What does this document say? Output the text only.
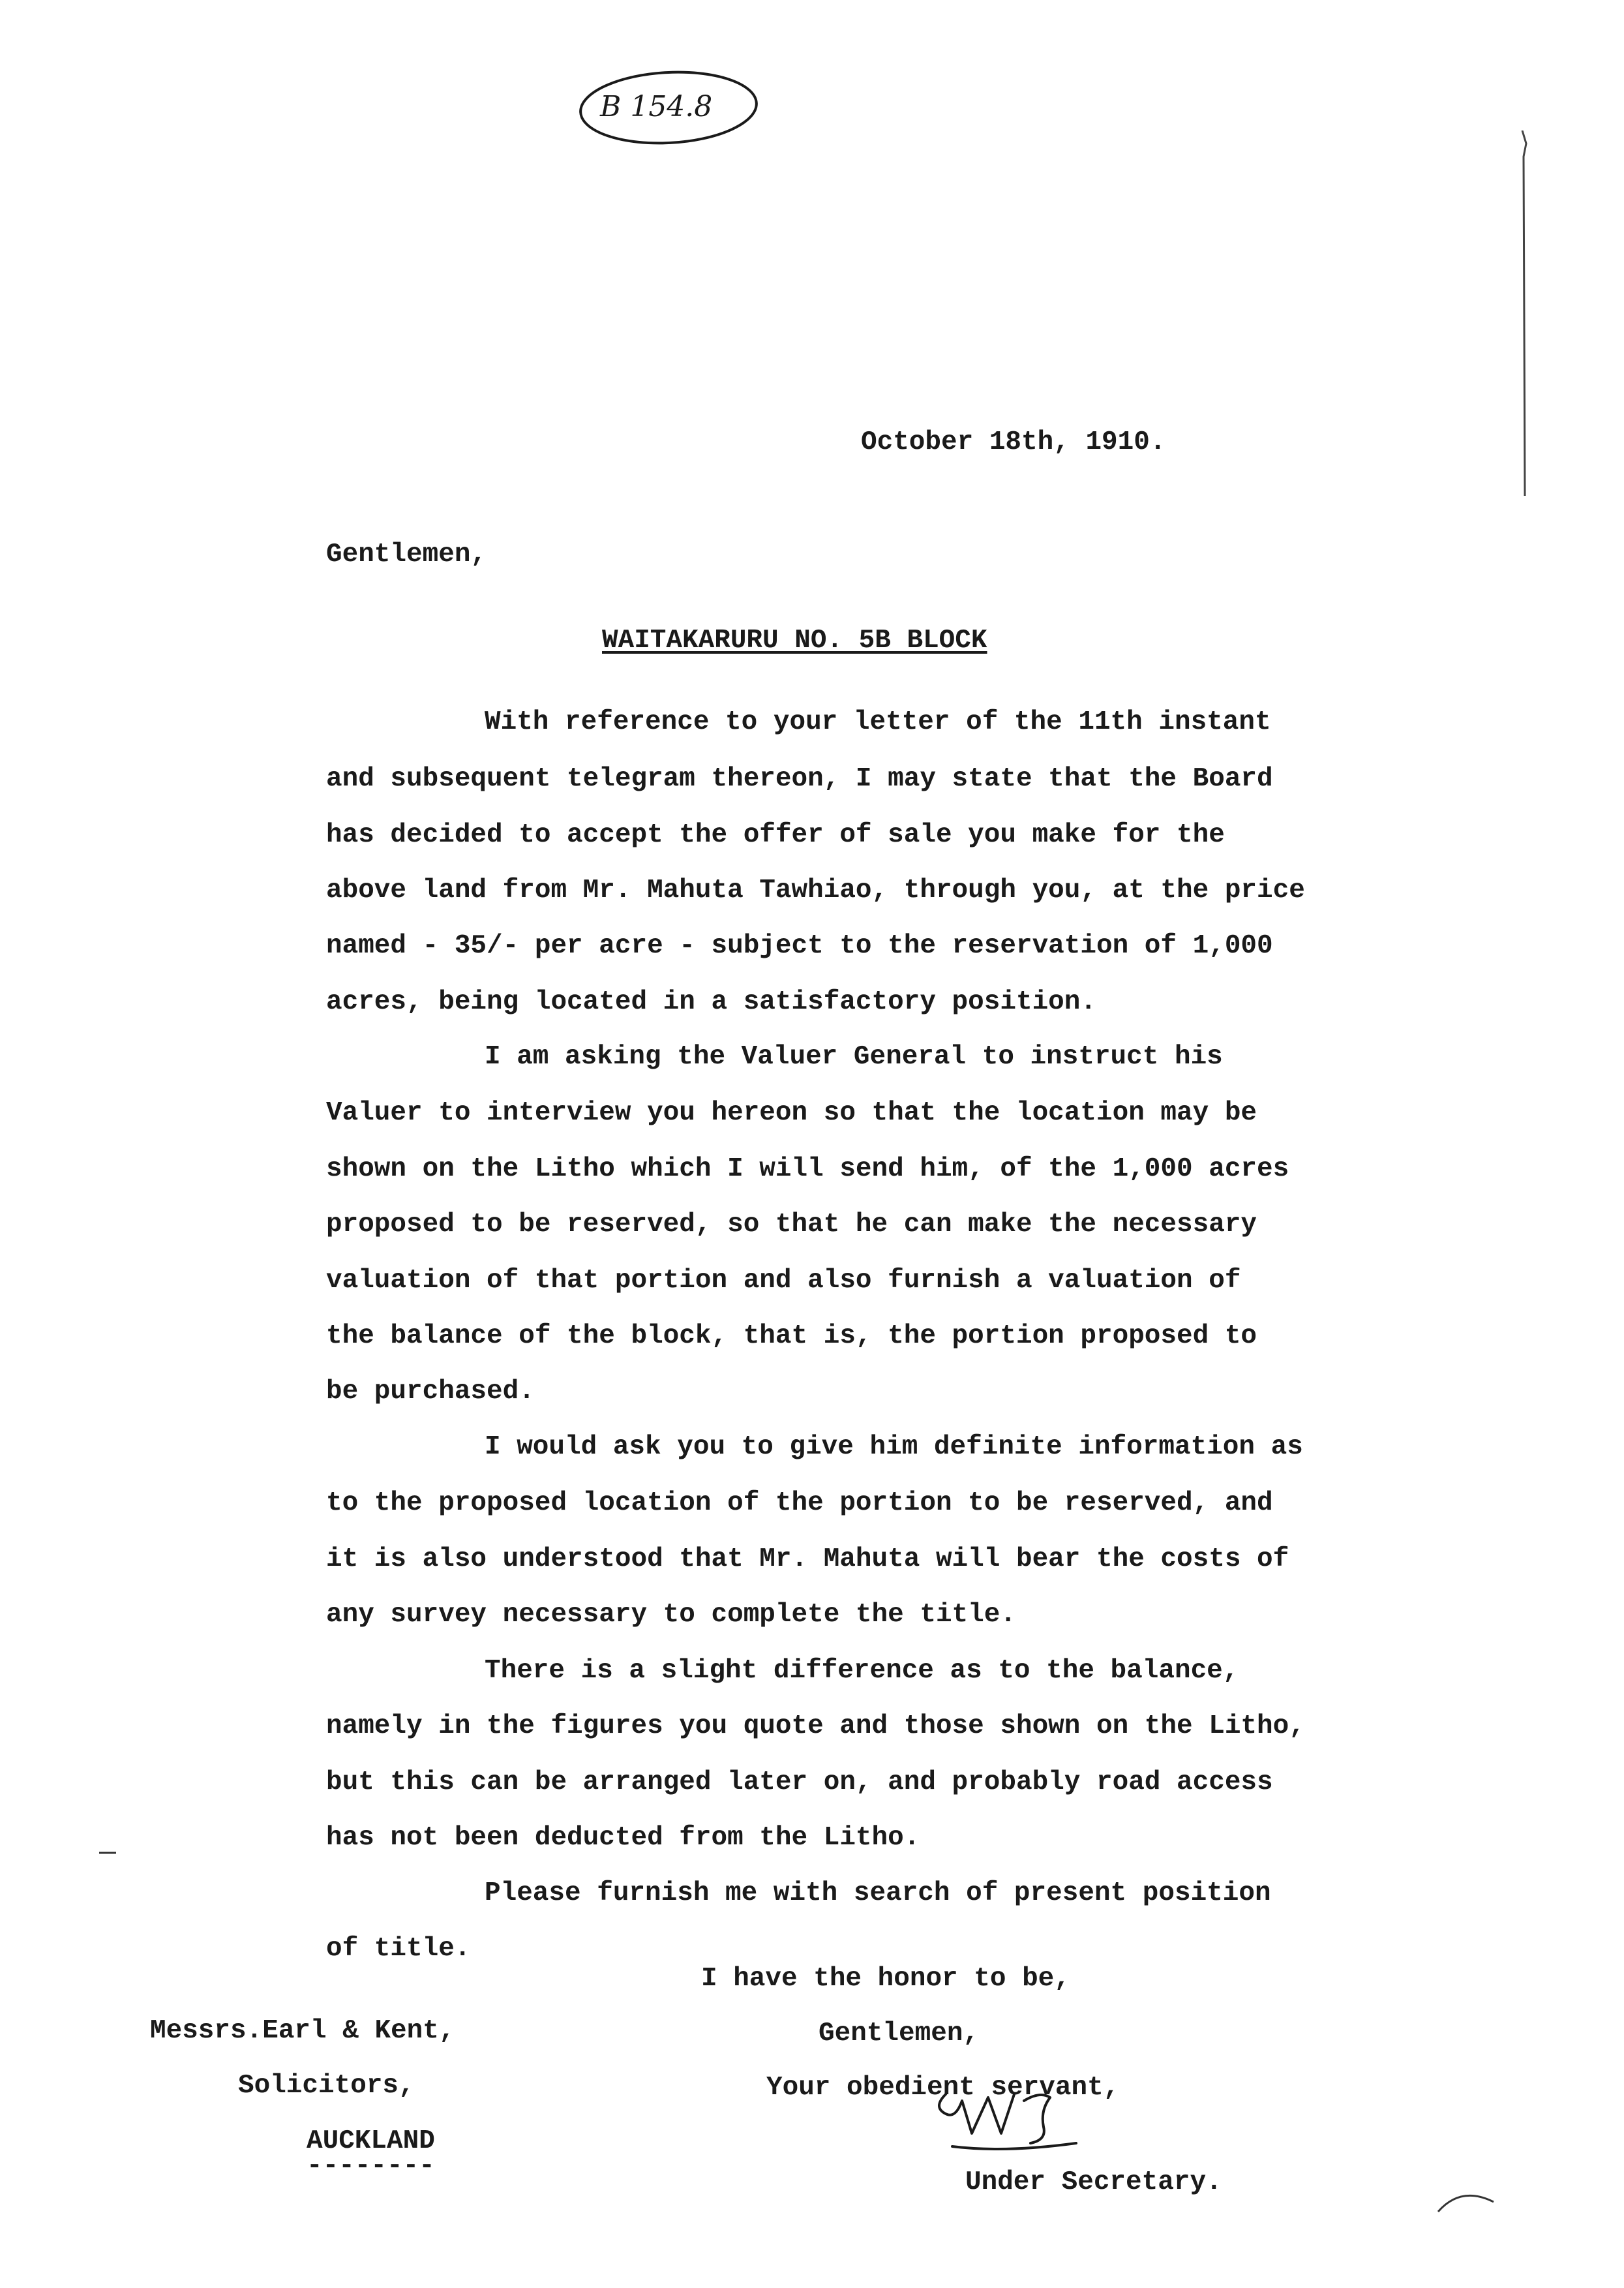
B 154.8
October 18th, 1910.
Gentlemen,
WAITAKARURU NO. 5B BLOCK
With reference to your letter of the 11th instant
and subsequent telegram thereon, I may state that the Board
has decided to accept the offer of sale you make for the
above land from Mr. Mahuta Tawhiao, through you, at the price
named - 35/- per acre - subject to the reservation of 1,000
acres, being located in a satisfactory position.
I am asking the Valuer General to instruct his
Valuer to interview you hereon so that the location may be
shown on the Litho which I will send him, of the 1,000 acres
proposed to be reserved, so that he can make the necessary
valuation of that portion and also furnish a valuation of
the balance of the block, that is, the portion proposed to
be purchased.
I would ask you to give him definite information as
to the proposed location of the portion to be reserved, and
it is also understood that Mr. Mahuta will bear the costs of
any survey necessary to complete the title.
There is a slight difference as to the balance,
namely in the figures you quote and those shown on the Litho,
but this can be arranged later on, and probably road access
has not been deducted from the Litho.
Please furnish me with search of present position
of title.
I have the honor to be,
Gentlemen,
Your obedient servant,
Under Secretary.
Messrs.Earl & Kent,
Solicitors,
AUCKLAND
--------
